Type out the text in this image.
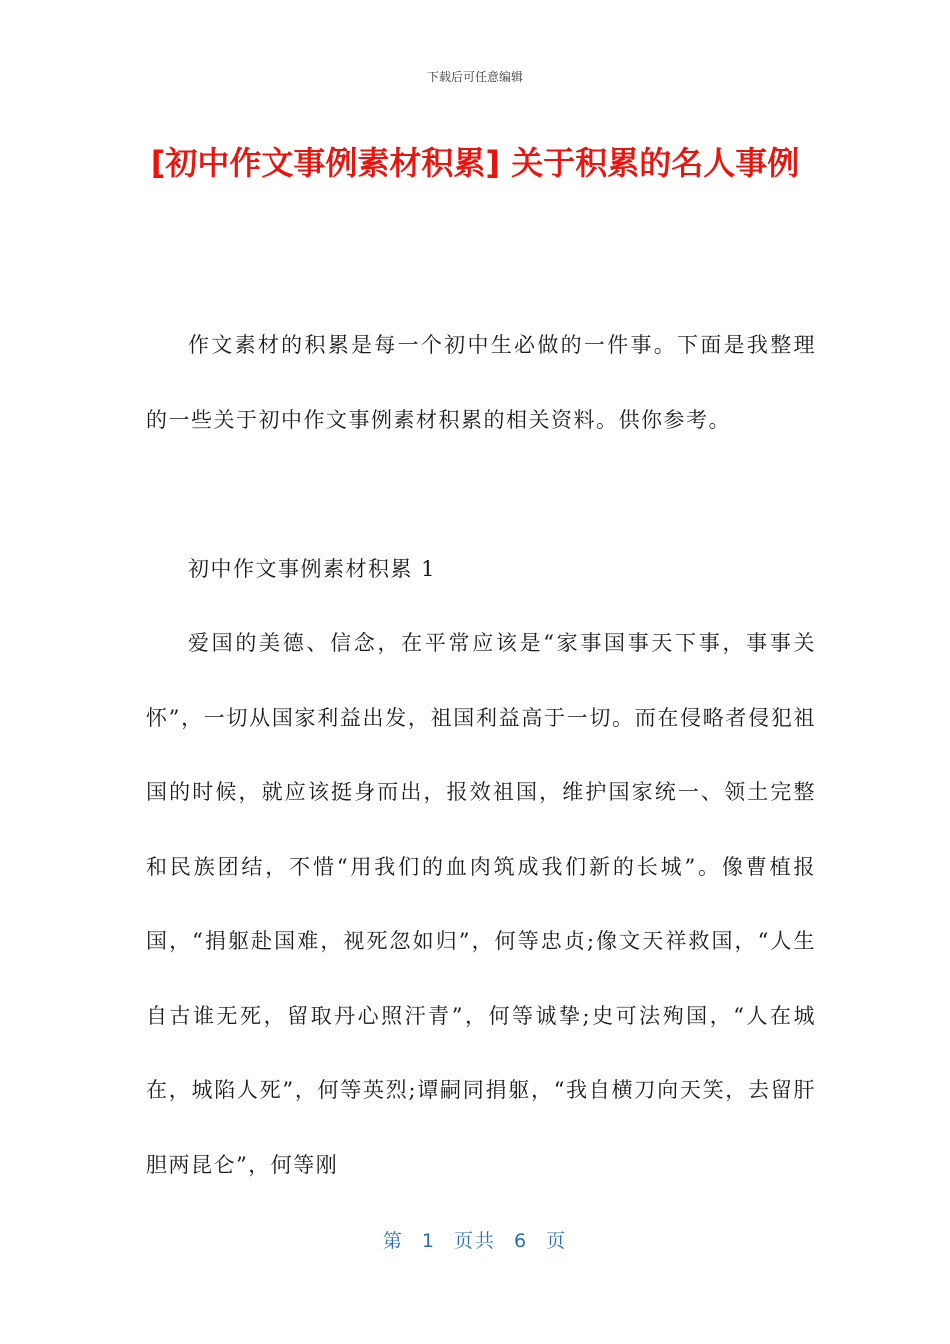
下载后可任意编辑
[初中作文事例素材积累] 关于积累的名人事例

作文素材的积累是每一个初中生必做的一件事。下面是我整理的一些关于初中作文事例素材积累的相关资料。供你参考。

初中作文事例素材积累 1

爱国的美德、信念，在平常应该是“家事国事天下事，事事关怀”，一切从国家利益出发，祖国利益高于一切。而在侵略者侵犯祖国的时候，就应该挺身而出，报效祖国，维护国家统一、领土完整和民族团结，不惜“用我们的血肉筑成我们新的长城”。像曹植报国，“捐躯赴国难，视死忽如归”，何等忠贞;像文天祥救国，“人生自古谁无死，留取丹心照汗青”，何等诚挚;史可法殉国，“人在城在，城陷人死”，何等英烈;谭嗣同捐躯，“我自横刀向天笑，去留肝胆两昆仑”，何等刚

第 1 页共 6 页
